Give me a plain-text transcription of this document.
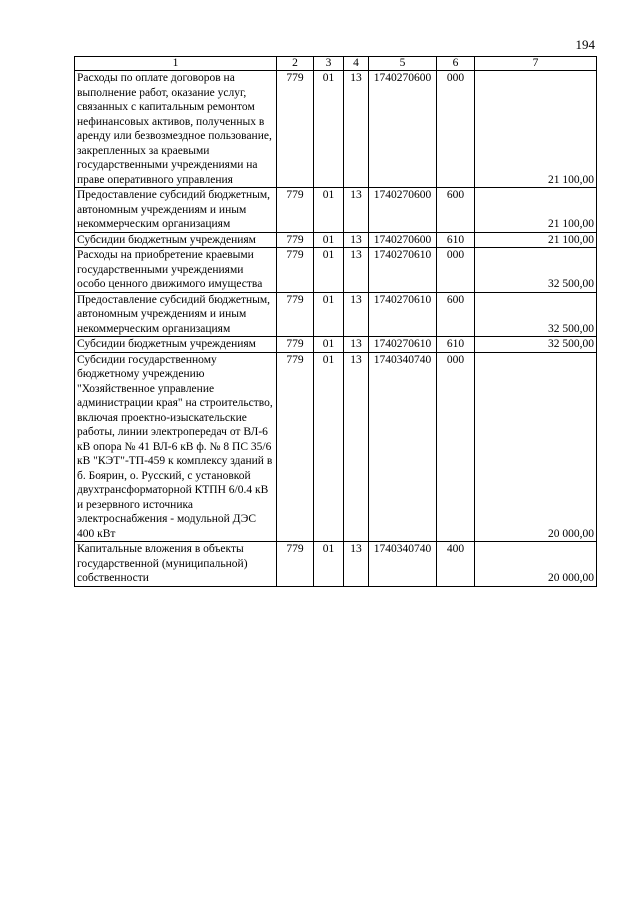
194
1	2	3	4	5	6	7
Расходы по оплате договоров на выполнение работ, оказание услуг, связанных с капитальным ремонтом нефинансовых активов, полученных в аренду или безвозмездное пользование, закрепленных за краевыми государственными учреждениями на праве оперативного управления	779	01	13	1740270600	000	21 100,00
Предоставление субсидий бюджетным, автономным учреждениям и иным некоммерческим организациям	779	01	13	1740270600	600	21 100,00
Субсидии бюджетным учреждениям	779	01	13	1740270600	610	21 100,00
Расходы на приобретение краевыми государственными учреждениями особо ценного движимого имущества	779	01	13	1740270610	000	32 500,00
Предоставление субсидий бюджетным, автономным учреждениям и иным некоммерческим организациям	779	01	13	1740270610	600	32 500,00
Субсидии бюджетным учреждениям	779	01	13	1740270610	610	32 500,00
Субсидии государственному бюджетному учреждению "Хозяйственное управление администрации края" на строительство, включая проектно-изыскательские работы, линии электропередач от ВЛ-6 кВ опора № 41 ВЛ-6 кВ ф. № 8 ПС 35/6 кВ "КЭТ"-ТП-459 к комплексу зданий в б. Боярин, о. Русский, с установкой двухтрансформаторной КТПН 6/0.4 кВ и резервного источника электроснабжения - модульной ДЭС 400 кВт	779	01	13	1740340740	000	20 000,00
Капитальные вложения в объекты государственной (муниципальной) собственности	779	01	13	1740340740	400	20 000,00
